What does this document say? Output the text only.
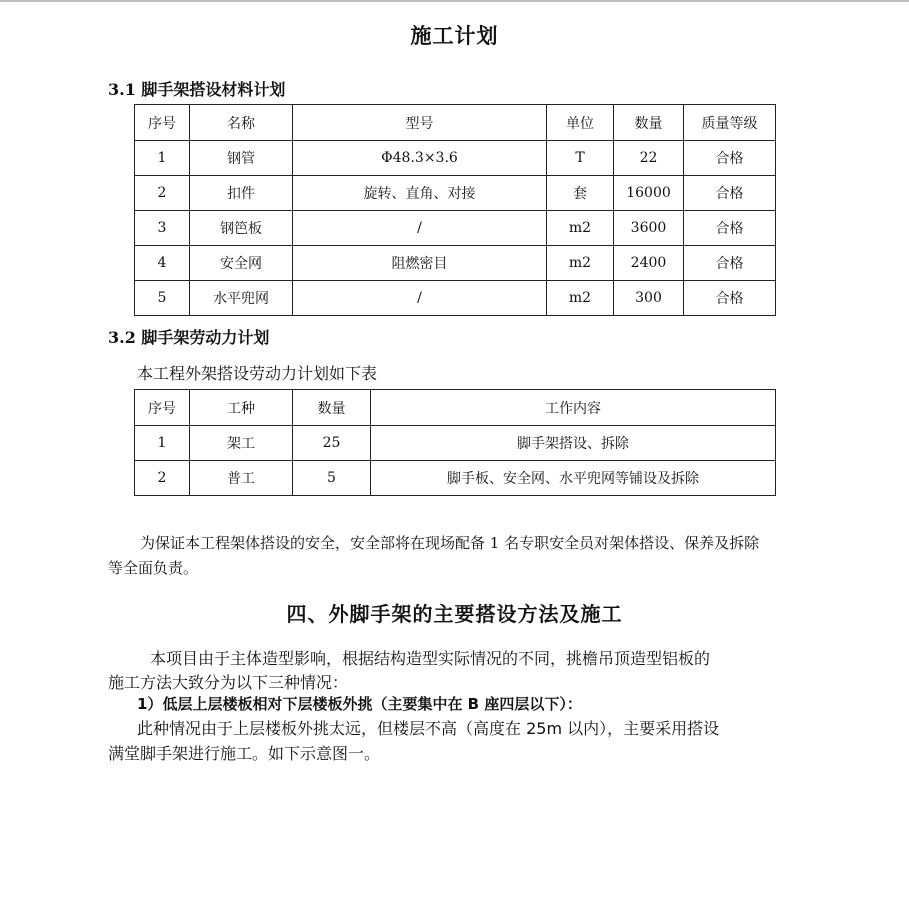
施工计划
3.1 脚手架搭设材料计划
序号	名称	型号	单位	数量	质量等级
1	钢管	Φ48.3×3.6	T	22	合格
2	扣件	旋转、直角、对接	套	16000	合格
3	钢笆板	/	m2	3600	合格
4	安全网	阻燃密目	m2	2400	合格
5	水平兜网	/	m2	300	合格
3.2 脚手架劳动力计划
本工程外架搭设劳动力计划如下表
序号	工种	数量	工作内容
1	架工	25	脚手架搭设、拆除
2	普工	5	脚手板、安全网、水平兜网等铺设及拆除
为保证本工程架体搭设的安全，安全部将在现场配备 1 名专职安全员对架体搭设、保养及拆除
等全面负责。
四、外脚手架的主要搭设方法及施工
本项目由于主体造型影响，根据结构造型实际情况的不同，挑檐吊顶造型铝板的
施工方法大致分为以下三种情况：
1）低层上层楼板相对下层楼板外挑（主要集中在 B 座四层以下）：
此种情况由于上层楼板外挑太远，但楼层不高（高度在 25m 以内），主要采用搭设
满堂脚手架进行施工。如下示意图一。
